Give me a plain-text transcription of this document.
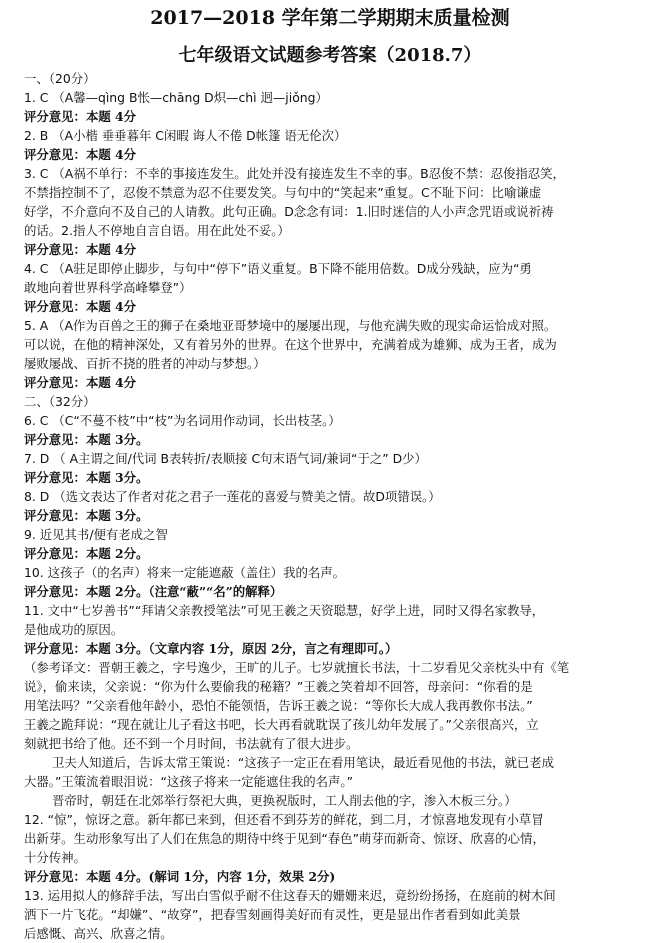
2017—2018 学年第二学期期末质量检测
七年级语文试题参考答案（2018.7）
一、（20分）
1. C （A馨—qìng B怅—chāng D炽—chì 迥—jiǒng）
评分意见：本题 4分
2. B （A小楷 垂垂暮年 C闲暇 诲人不倦 D帐篷 语无伦次）
评分意见：本题 4分
3. C （A祸不单行：不幸的事接连发生。此处并没有接连发生不幸的事。B忍俊不禁：忍俊指忍笑，
不禁指控制不了，忍俊不禁意为忍不住要发笑。与句中的“笑起来”重复。C不耻下问：比喻谦虚
好学，不介意向不及自己的人请教。此句正确。D念念有词：1.旧时迷信的人小声念咒语或说祈祷
的话。2.指人不停地自言自语。用在此处不妥。）
评分意见：本题 4分
4. C （A驻足即停止脚步，与句中“停下”语义重复。B下降不能用倍数。D成分残缺，应为“勇
敢地向着世界科学高峰攀登”）
评分意见：本题 4分
5. A （A作为百兽之王的狮子在桑地亚哥梦境中的屡屡出现，与他充满失败的现实命运恰成对照。
可以说，在他的精神深处，又有着另外的世界。在这个世界中，充满着成为雄狮、成为王者，成为
屡败屡战、百折不挠的胜者的冲动与梦想。）
评分意见：本题 4分
二、（32分）
6. C （C“不蔓不枝”中“枝”为名词用作动词，长出枝茎。）
评分意见：本题 3分。
7. D （ A主谓之间/代词 B表转折/表顺接 C句末语气词/兼词“于之” D少）
评分意见：本题 3分。
8. D （选文表达了作者对花之君子一莲花的喜爱与赞美之情。故D项错误。）
评分意见：本题 3分。
9. 近见其书/便有老成之智
评分意见：本题 2分。
10. 这孩子（的名声）将来一定能遮蔽（盖住）我的名声。
评分意见：本题 2分。（注意“蔽”“名”的解释）
11. 文中“七岁善书”“拜请父亲教授笔法”可见王羲之天资聪慧，好学上进，同时又得名家教导，
是他成功的原因。
评分意见：本题 3分。（文章内容 1分，原因 2分，言之有理即可。）
（参考译文：晋朝王羲之，字号逸少，王旷的儿子。七岁就擅长书法，十二岁看见父亲枕头中有《笔
说》，偷来读，父亲说：“你为什么要偷我的秘籍？”王羲之笑着却不回答，母亲问：“你看的是
用笔法吗？”父亲看他年龄小，恐怕不能领悟，告诉王羲之说：“等你长大成人我再教你书法。”
王羲之跪拜说：“现在就让儿子看这书吧，长大再看就耽误了孩儿幼年发展了。”父亲很高兴，立
刻就把书给了他。还不到一个月时间，书法就有了很大进步。
卫夫人知道后，告诉太常王策说：“这孩子一定正在看用笔诀，最近看见他的书法，就已老成
大器。”王策流着眼泪说：“这孩子将来一定能遮住我的名声。”
晋帝时，朝廷在北郊举行祭祀大典，更换祝版时，工人削去他的字，渗入木板三分。）
12. “惊”，惊讶之意。新年都已来到，但还看不到芬芳的鲜花，到二月，才惊喜地发现有小草冒
出新芽。生动形象写出了人们在焦急的期待中终于见到“春色”萌芽而新奇、惊讶、欣喜的心情，
十分传神。
评分意见：本题 4分。(解词 1分，内容 1分，效果 2分)
13. 运用拟人的修辞手法，写出白雪似乎耐不住这春天的姗姗来迟，竟纷纷扬扬，在庭前的树木间
洒下一片飞花。“却嫌”、“故穿”，把春雪刻画得美好而有灵性，更是显出作者看到如此美景
后感慨、高兴、欣喜之情。
